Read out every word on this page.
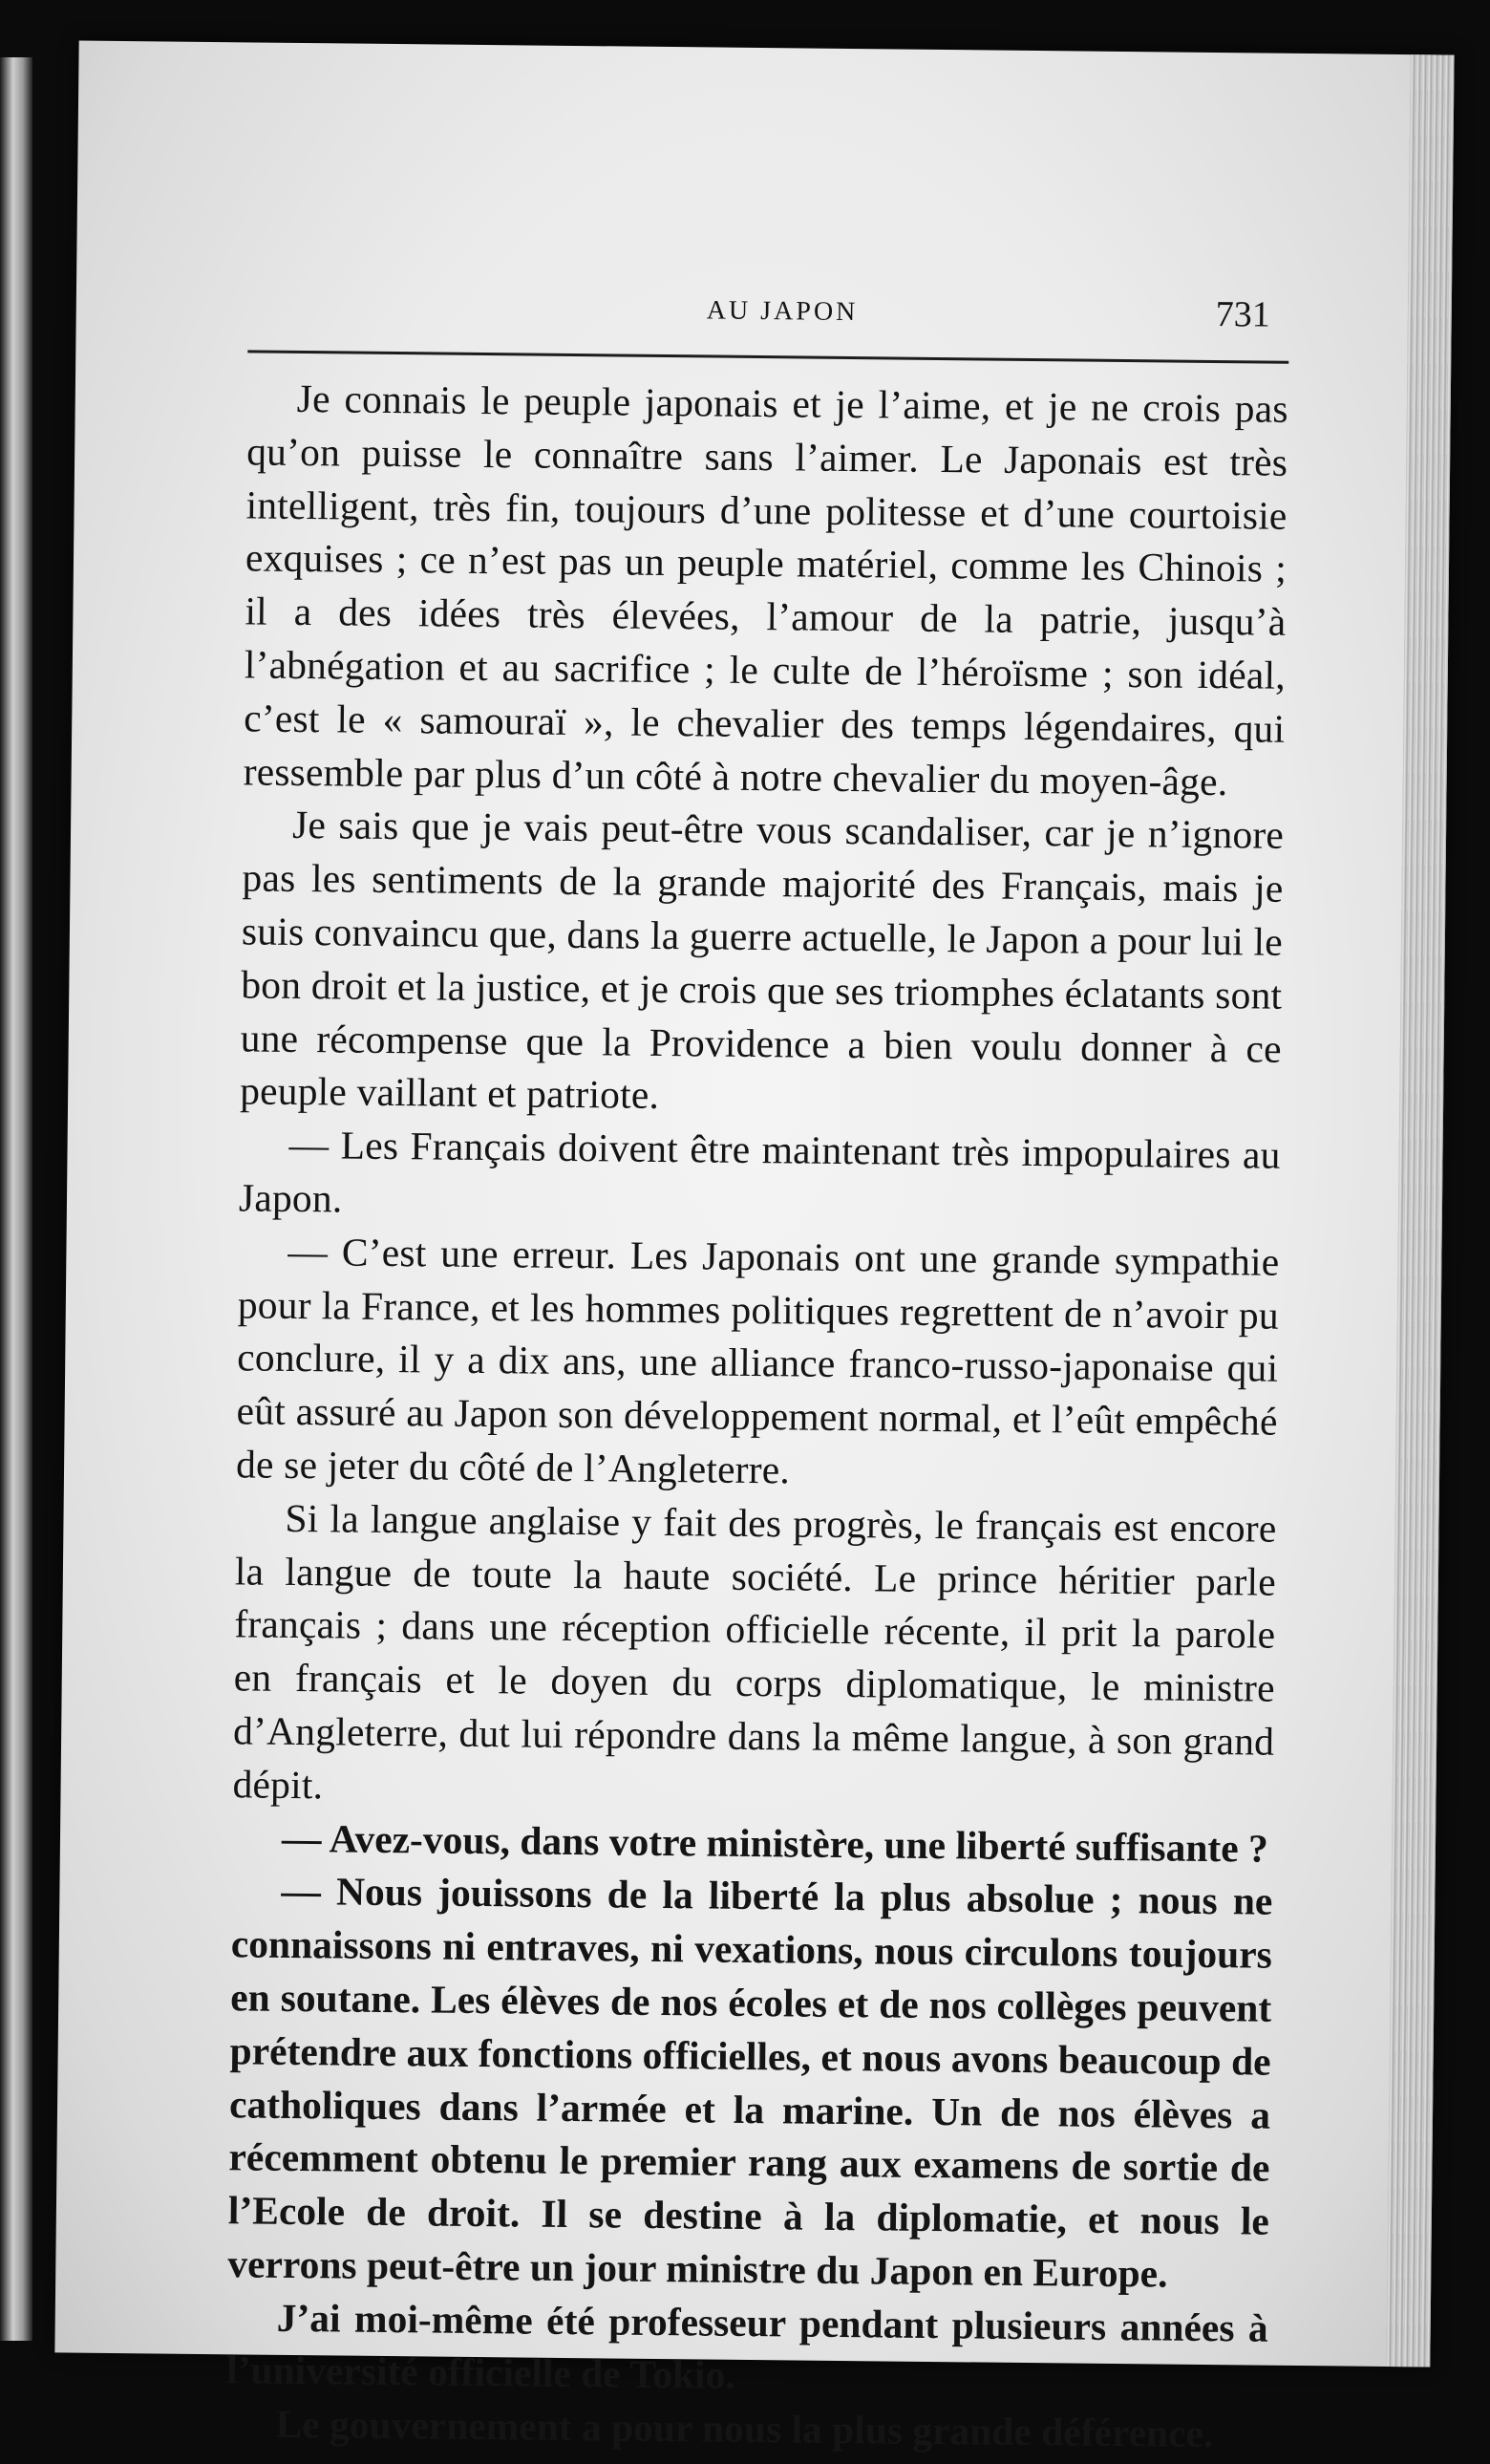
AU JAPON	731

Je connais le peuple japonais et je l’aime, et je ne crois pas qu’on puisse le connaître sans l’aimer. Le Japonais est très intelligent, très fin, toujours d’une politesse et d’une courtoisie exquises ; ce n’est pas un peuple matériel, comme les Chinois ; il a des idées très élevées, l’amour de la patrie, jusqu’à l’abnégation et au sacrifice ; le culte de l’héroïsme ; son idéal, c’est le « samouraï », le chevalier des temps légendaires, qui ressemble par plus d’un côté à notre chevalier du moyen-âge.

Je sais que je vais peut-être vous scandaliser, car je n’ignore pas les sentiments de la grande majorité des Français, mais je suis convaincu que, dans la guerre actuelle, le Japon a pour lui le bon droit et la justice, et je crois que ses triomphes éclatants sont une récompense que la Providence a bien voulu donner à ce peuple vaillant et patriote.

— Les Français doivent être maintenant très impopulaires au Japon.

— C’est une erreur. Les Japonais ont une grande sympathie pour la France, et les hommes politiques regrettent de n’avoir pu conclure, il y a dix ans, une alliance franco-russo-japonaise qui eût assuré au Japon son développement normal, et l’eût empêché de se jeter du côté de l’Angleterre.

Si la langue anglaise y fait des progrès, le français est encore la langue de toute la haute société. Le prince héritier parle français ; dans une réception officielle récente, il prit la parole en français et le doyen du corps diplomatique, le ministre d’Angleterre, dut lui répondre dans la même langue, à son grand dépit.

— Avez-vous, dans votre ministère, une liberté suffisante ?

— Nous jouissons de la liberté la plus absolue ; nous ne connaissons ni entraves, ni vexations, nous circulons toujours en soutane. Les élèves de nos écoles et de nos collèges peuvent prétendre aux fonctions officielles, et nous avons beaucoup de catholiques dans l’armée et la marine. Un de nos élèves a récemment obtenu le premier rang aux examens de sortie de l’Ecole de droit. Il se destine à la diplomatie, et nous le verrons peut-être un jour ministre du Japon en Europe.

J’ai moi-même été professeur pendant plusieurs années à l’université officielle de Tokio.

Le gouvernement a pour nous la plus grande déférence.
